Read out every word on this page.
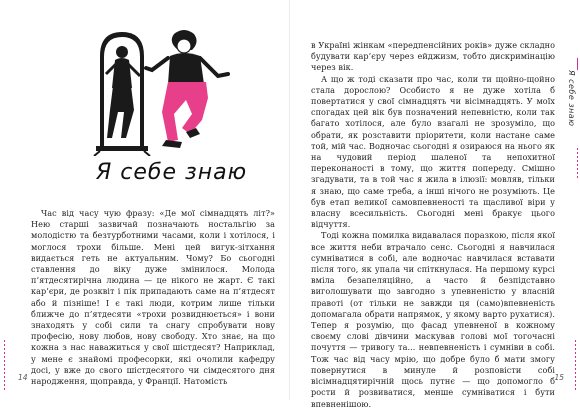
Я себе знаю

Час від часу чую фразу: «Де мої сімнадцять літ?» Нею старші зазвичай позначають ностальгію за молодістю та безтурботними часами, коли і хотілося, і моглося трохи більше. Мені цей вигук-зітхання видається геть не актуальним. Чому? Бо сьогодні ставлення до віку дуже змінилося. Молода п’ятдесятирічна людина — це нікого не жарт. Є такі кар’єри, де розквіт і пік припадають саме на п’ятдесят або й пізніше! І є такі люди, котрим лише тільки ближче до п’ятдесяти «трохи розвиднюється» і вони знаходять у собі сили та снагу спробувати нову професію, нову любов, нову свободу. Хто знає, на що кожна з нас наважиться у свої шістдесят? Наприклад, у мене є знайомі професорки, які очолили кафедру досі, у вже до свого шістдесятого чи сімдесятого дня народження, щоправда, у Франції. Натомість

14

в Україні жінкам «передпенсійних років» дуже складно будувати кар’єру через ейджизм, тобто дискримінацію через вік.

А що ж тоді сказати про час, коли ти щойно-щойно стала дорослою? Особисто я не дуже хотіла б повертатися у свої сімнадцять чи вісімнадцять. У моїх спогадах цей вік був позначений непевністю, коли так багато хотілося, але було взагалі не зрозуміло, що обрати, як розставити пріоритети, коли настане саме той, мій час. Водночас сьогодні я озираюся на нього як на чудовий період шаленої та непохитної переконаності в тому, що життя попереду. Смішно згадувати, та в той час я жила в ілюзії: мовляв, тільки я знаю, що саме треба, а інші нічого не розуміють. Це був етап великої самовпевненості та щасливої віри у власну всесильність. Сьогодні мені бракує цього відчуття.

Тоді кожна помилка видавалася поразкою, після якої все життя неби втрачало сенс. Сьогодні я навчилася сумніватися в собі, але водночас навчилася вставати після того, як упала чи спіткнулася. На першому курсі вміла безапеляційно, а часто й безпідставно виголошувати що завгодно з упевненістю у власній правоті (от тільки не завжди ця (само)впевненість допомагала обрати напрямок, у якому варто рухатися). Тепер я розумію, що фасад упевненої в кожному своєму слові дівчини маскував голові мої тогочасні почуття — тривогу та... невпевненість і сумніви в собі. Тож час від часу мрію, що добре було б мати змогу повернутися в минуле й розповісти собі вісімнадцятирічній щось путнє — що допомогло б рости й розвиватися, менше сумніватися і бути впевненішою.

Я себе знаю
15
